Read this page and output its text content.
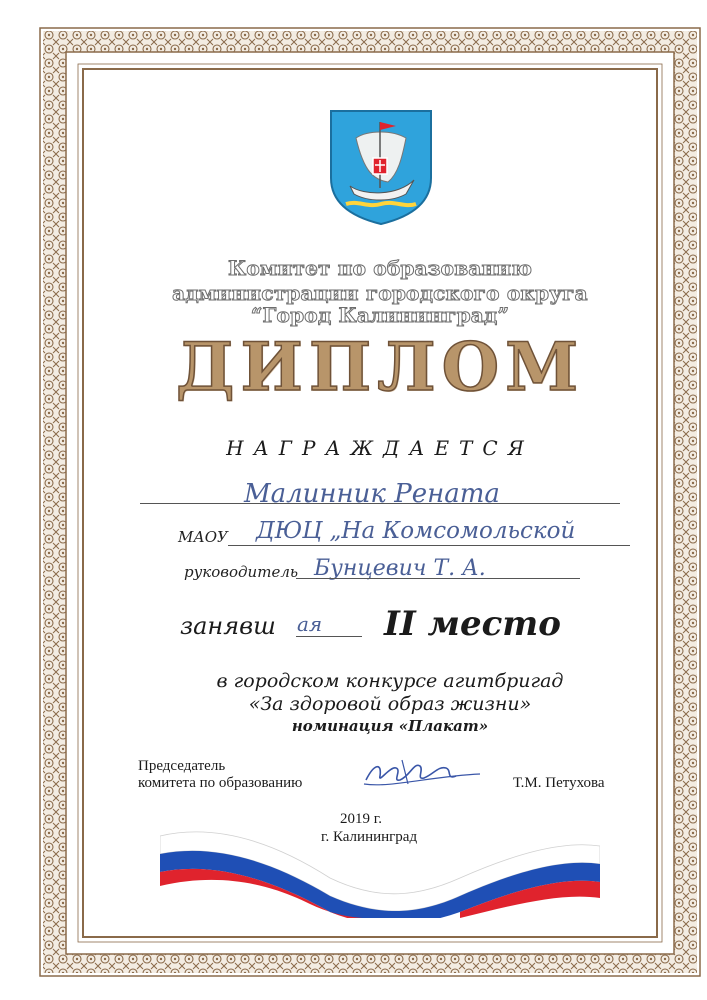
Комитет по образованию
администрации городского округа
“Город Калининград”
ДИПЛОМ
НАГРАЖДАЕТСЯ
Малинник Рената
МАОУ ДЮЦ „На Комсомольской
руководитель Бунцевич Т. А.
занявш ая II место
в городском конкурсе агитбригад
«За здоровой образ жизни»
номинация «Плакат»
Председатель
комитета по образованию	Т.М. Петухова
2019 г.
г. Калининград
